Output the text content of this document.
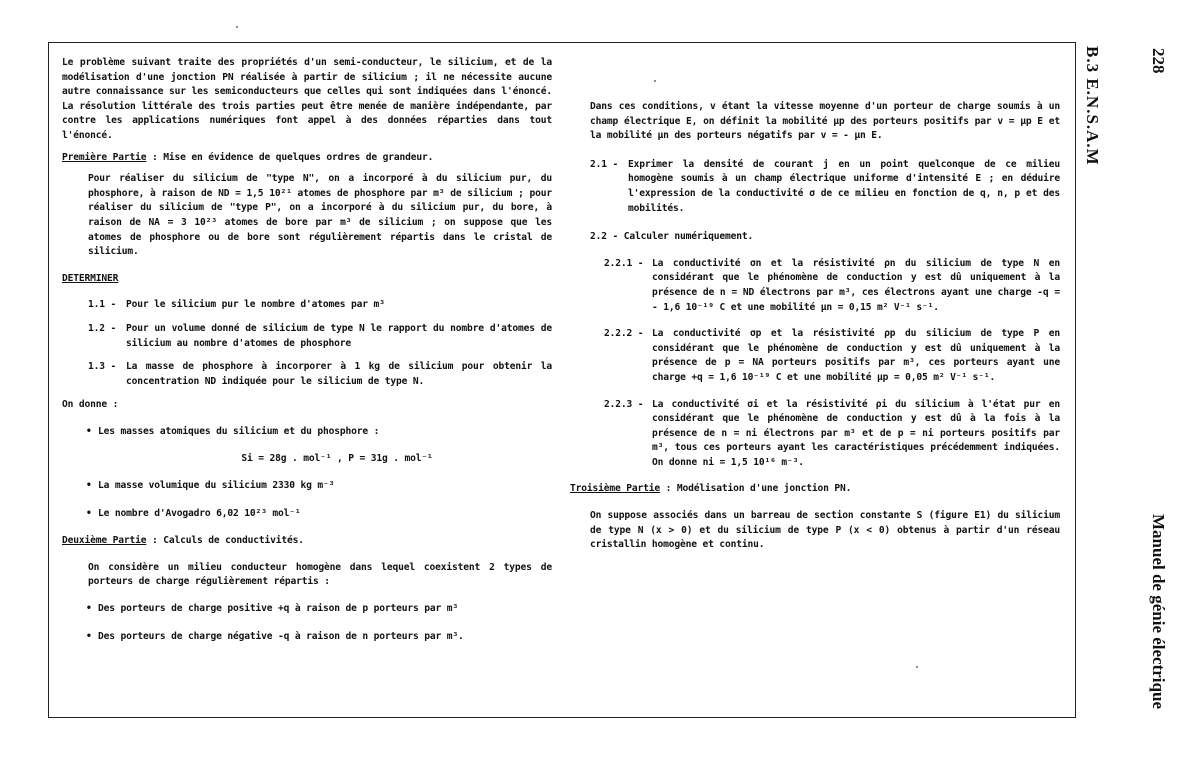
Le problème suivant traite des propriétés d'un semi-conducteur, le silicium, et de la modélisation d'une jonction PN réalisée à partir de silicium ; il ne nécessite aucune autre connaissance sur les semiconducteurs que celles qui sont indiquées dans l'énoncé. La résolution littérale des trois parties peut être menée de manière indépendante, par contre les applications numériques font appel à des données réparties dans tout l'énoncé.

Première Partie : Mise en évidence de quelques ordres de grandeur.

Pour réaliser du silicium de "type N", on a incorporé à du silicium pur, du phosphore, à raison de ND = 1,5 10²¹ atomes de phosphore par m³ de silicium ; pour réaliser du silicium de "type P", on a incorporé à du silicium pur, du bore, à raison de NA = 3 10²³ atomes de bore par m³ de silicium ; on suppose que les atomes de phosphore ou de bore sont régulièrement répartis dans le cristal de silicium.

DETERMINER

1.1 -	Pour le silicium pur le nombre d'atomes par m³
1.2 -	Pour un volume donné de silicium de type N le rapport du nombre d'atomes de silicium au nombre d'atomes de phosphore
1.3 -	La masse de phosphore à incorporer à 1 kg de silicium pour obtenir la concentration ND indiquée pour le silicium de type N.

On donne :

• Les masses atomiques du silicium et du phosphore :
Si = 28g . mol⁻¹ , P = 31g . mol⁻¹
• La masse volumique du silicium 2330 kg m⁻³
• Le nombre d'Avogadro 6,02 10²³ mol⁻¹

Deuxième Partie : Calculs de conductivités.

On considère un milieu conducteur homogène dans lequel coexistent 2 types de porteurs de charge régulièrement répartis :

• Des porteurs de charge positive +q à raison de p porteurs par m³
• Des porteurs de charge négative -q à raison de n porteurs par m³.

Dans ces conditions, v étant la vitesse moyenne d'un porteur de charge soumis à un champ électrique E, on définit la mobilité μp des porteurs positifs par v = μp E et la mobilité μn des porteurs négatifs par v = - μn E.

2.1 -	Exprimer la densité de courant j en un point quelconque de ce milieu homogène soumis à un champ électrique uniforme d'intensité E ; en déduire l'expression de la conductivité σ de ce milieu en fonction de q, n, p et des mobilités.

2.2 - Calculer numériquement.

2.2.1 - La conductivité σn et la résistivité ρn du silicium de type N en considérant que le phénomène de conduction y est dû uniquement à la présence de n = ND électrons par m³, ces électrons ayant une charge -q = - 1,6 10⁻¹⁹ C et une mobilité μn = 0,15 m² V⁻¹ s⁻¹.
2.2.2 - La conductivité σp et la résistivité ρp du silicium de type P en considérant que le phénomène de conduction y est dû uniquement à la présence de p = NA porteurs positifs par m³, ces porteurs ayant une charge +q = 1,6 10⁻¹⁹ C et une mobilité μp = 0,05 m² V⁻¹ s⁻¹.
2.2.3 - La conductivité σi et la résistivité ρi du silicium à l'état pur en considérant que le phénomène de conduction y est dû à la fois à la présence de n = ni électrons par m³ et de p = ni porteurs positifs par m³, tous ces porteurs ayant les caractéristiques précédemment indiquées. On donne ni = 1,5 10¹⁶ m⁻³.

Troisième Partie : Modélisation d'une jonction PN.

On suppose associés dans un barreau de section constante S (figure E1) du silicium de type N (x > 0) et du silicium de type P (x < 0) obtenus à partir d'un réseau cristallin homogène et continu.

B.3 E.N.S.A.M	228
Manuel de génie électrique
